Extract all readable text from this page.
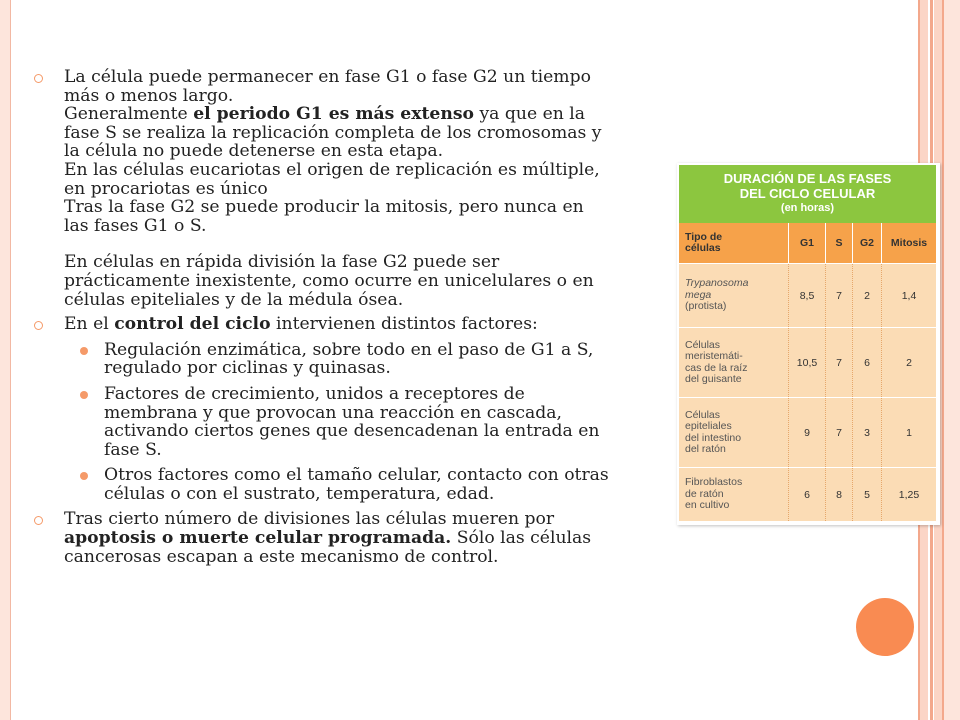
La célula puede permanecer en fase G1 o fase G2 un tiempo
más o menos largo.
Generalmente el periodo G1 es más extenso ya que en la
fase S se realiza la replicación completa de los cromosomas y
la célula no puede detenerse en esta etapa.
En las células eucariotas el origen de replicación es múltiple,
en procariotas es único
Tras la fase G2 se puede producir la mitosis, pero nunca en
las fases G1 o S.
En células en rápida división la fase G2 puede ser
prácticamente inexistente, como ocurre en unicelulares o en
células epiteliales y de la médula ósea.
En el control del ciclo intervienen distintos factores:
Regulación enzimática, sobre todo en el paso de G1 a S,
regulado por ciclinas y quinasas.
Factores de crecimiento, unidos a receptores de
membrana y que provocan una reacción en cascada,
activando ciertos genes que desencadenan la entrada en
fase S.
Otros factores como el tamaño celular, contacto con otras
células o con el sustrato, temperatura, edad.
Tras cierto número de divisiones las células mueren por
apoptosis o muerte celular programada. Sólo las células
cancerosas escapan a este mecanismo de control.
DURACIÓN DE LAS FASES
DEL CICLO CELULAR
(en horas)
Tipo de
células	G1	S	G2	Mitosis
Trypanosoma
mega
(protista)
8,5	7	2	1,4
Células
meristemáti-
cas de la raíz
del guisante
10,5	7	6	2
Células
epiteliales
del intestino
del ratón
9	7	3	1
Fibroblastos
de ratón
en cultivo
6	8	5	1,25
